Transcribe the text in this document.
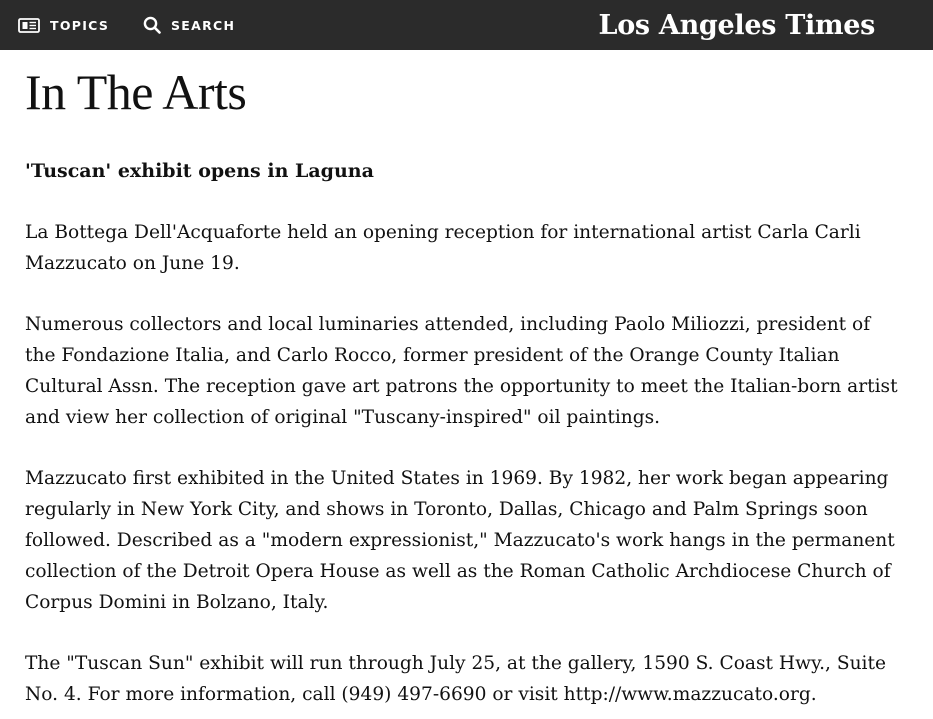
TOPICS	SEARCH	Los Angeles Times
In The Arts
'Tuscan' exhibit opens in Laguna

La Bottega Dell'Acquaforte held an opening reception for international artist Carla Carli
Mazzucato on June 19.

Numerous collectors and local luminaries attended, including Paolo Miliozzi, president of
the Fondazione Italia, and Carlo Rocco, former president of the Orange County Italian
Cultural Assn. The reception gave art patrons the opportunity to meet the Italian-born artist
and view her collection of original "Tuscany-inspired" oil paintings.

Mazzucato first exhibited in the United States in 1969. By 1982, her work began appearing
regularly in New York City, and shows in Toronto, Dallas, Chicago and Palm Springs soon
followed. Described as a "modern expressionist," Mazzucato's work hangs in the permanent
collection of the Detroit Opera House as well as the Roman Catholic Archdiocese Church of
Corpus Domini in Bolzano, Italy.

The "Tuscan Sun" exhibit will run through July 25, at the gallery, 1590 S. Coast Hwy., Suite
No. 4. For more information, call (949) 497-6690 or visit http://www.mazzucato.org.
